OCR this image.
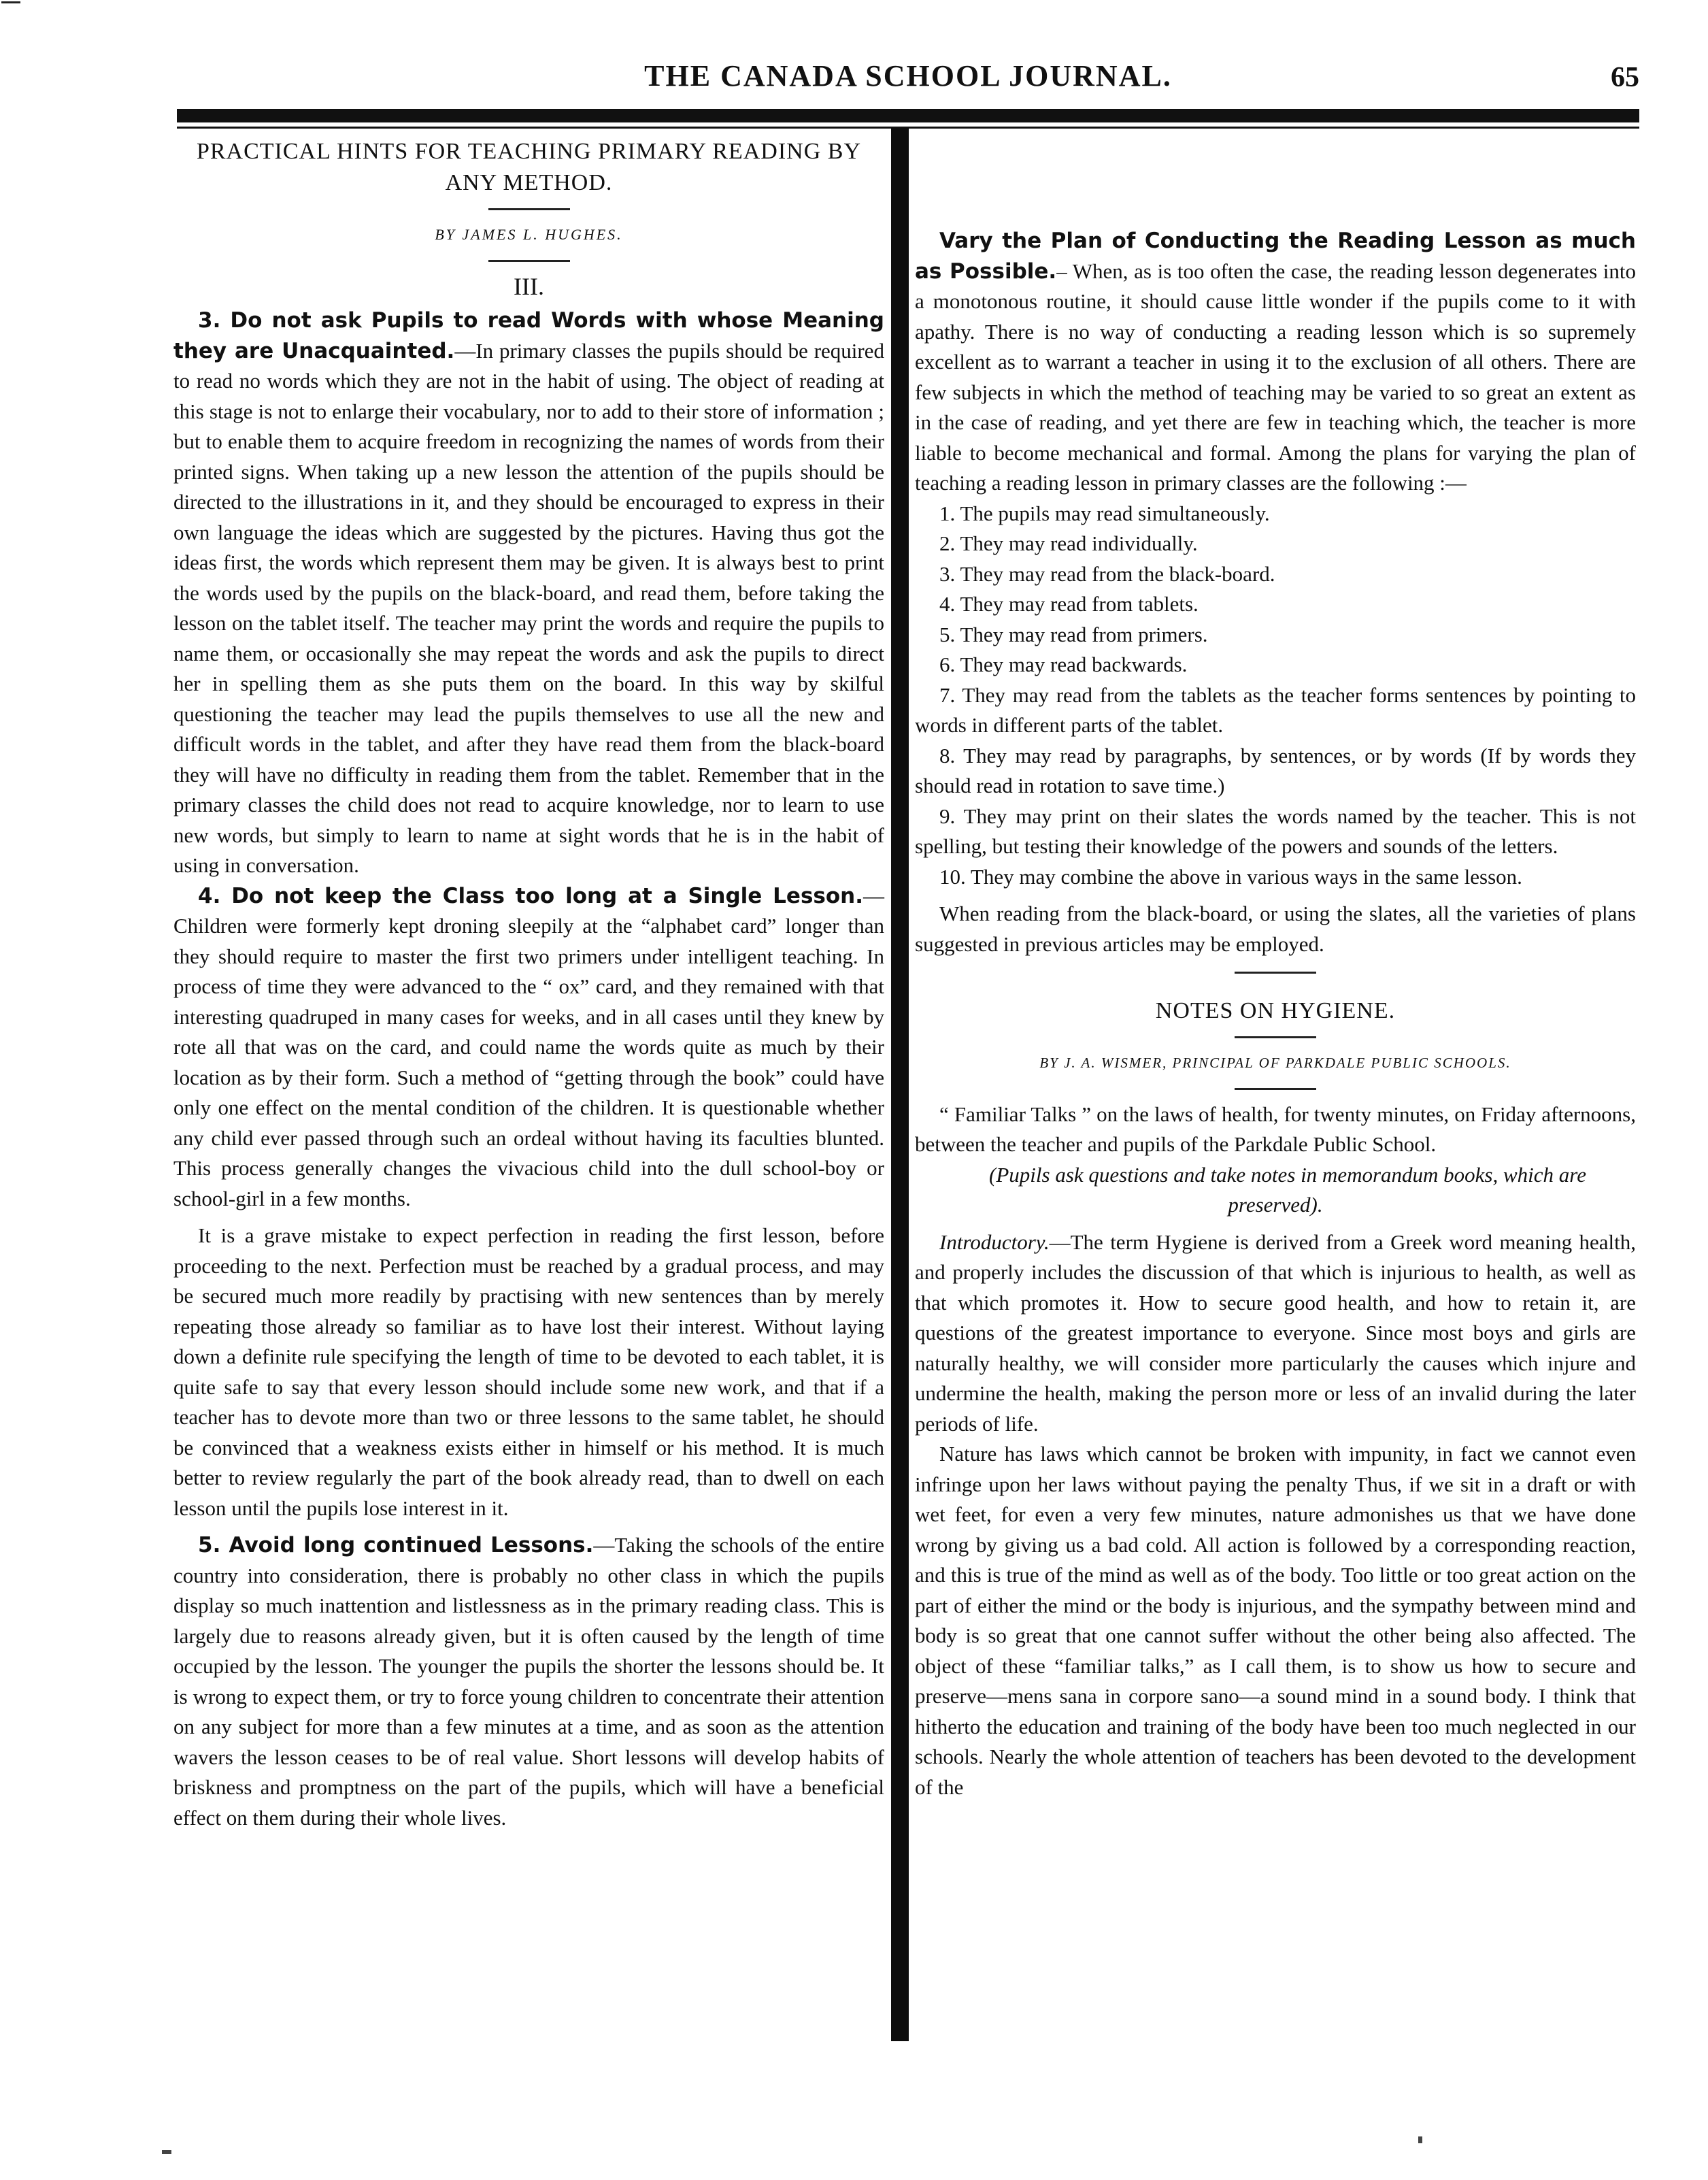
THE CANADA SCHOOL JOURNAL.	65
PRACTICAL HINTS FOR TEACHING PRIMARY READING BY ANY METHOD.
BY JAMES L. HUGHES.
III.

3. Do not ask Pupils to read Words with whose Meaning they are Unacquainted.—In primary classes the pupils should be required to read no words which they are not in the habit of using. The object of reading at this stage is not to enlarge their vocabulary, nor to add to their store of information ; but to enable them to acquire freedom in recognizing the names of words from their printed signs. When taking up a new lesson the attention of the pupils should be directed to the illustrations in it, and they should be encouraged to express in their own language the ideas which are suggested by the pictures. Having thus got the ideas first, the words which represent them may be given. It is always best to print the words used by the pupils on the black-board, and read them, before taking the lesson on the tablet itself. The teacher may print the words and require the pupils to name them, or occasionally she may repeat the words and ask the pupils to direct her in spelling them as she puts them on the board. In this way by skilful questioning the teacher may lead the pupils themselves to use all the new and difficult words in the tablet, and after they have read them from the black-board they will have no difficulty in reading them from the tablet. Remember that in the primary classes the child does not read to acquire knowledge, nor to learn to use new words, but simply to learn to name at sight words that he is in the habit of using in conversation.

4. Do not keep the Class too long at a Single Lesson.—Children were formerly kept droning sleepily at the “alphabet card” longer than they should require to master the first two primers under intelligent teaching. In process of time they were advanced to the “ ox” card, and they remained with that interesting quadruped in many cases for weeks, and in all cases until they knew by rote all that was on the card, and could name the words quite as much by their location as by their form. Such a method of “getting through the book” could have only one effect on the mental condition of the children. It is questionable whether any child ever passed through such an ordeal without having its faculties blunted. This process generally changes the vivacious child into the dull school-boy or school-girl in a few months.

It is a grave mistake to expect perfection in reading the first lesson, before proceeding to the next. Perfection must be reached by a gradual process, and may be secured much more readily by practising with new sentences than by merely repeating those already so familiar as to have lost their interest. Without laying down a definite rule specifying the length of time to be devoted to each tablet, it is quite safe to say that every lesson should include some new work, and that if a teacher has to devote more than two or three lessons to the same tablet, he should be convinced that a weakness exists either in himself or his method. It is much better to review regularly the part of the book already read, than to dwell on each lesson until the pupils lose interest in it.

5. Avoid long continued Lessons.—Taking the schools of the entire country into consideration, there is probably no other class in which the pupils display so much inattention and listlessness as in the primary reading class. This is largely due to reasons already given, but it is often caused by the length of time occupied by the lesson. The younger the pupils the shorter the lessons should be. It is wrong to expect them, or try to force young children to concentrate their attention on any subject for more than a few minutes at a time, and as soon as the attention wavers the lesson ceases to be of real value. Short lessons will develop habits of briskness and promptness on the part of the pupils, which will have a beneficial effect on them during their whole lives.

Vary the Plan of Conducting the Reading Lesson as much as Possible.– When, as is too often the case, the reading lesson degenerates into a monotonous routine, it should cause little wonder if the pupils come to it with apathy. There is no way of conducting a reading lesson which is so supremely excellent as to warrant a teacher in using it to the exclusion of all others. There are few subjects in which the method of teaching may be varied to so great an extent as in the case of reading, and yet there are few in teaching which, the teacher is more liable to become mechanical and formal. Among the plans for varying the plan of teaching a reading lesson in primary classes are the following :—

1. The pupils may read simultaneously.
2. They may read individually.
3. They may read from the black-board.
4. They may read from tablets.
5. They may read from primers.
6. They may read backwards.
7. They may read from the tablets as the teacher forms sentences by pointing to words in different parts of the tablet.
8. They may read by paragraphs, by sentences, or by words (If by words they should read in rotation to save time.)
9. They may print on their slates the words named by the teacher. This is not spelling, but testing their knowledge of the powers and sounds of the letters.
10. They may combine the above in various ways in the same lesson.

When reading from the black-board, or using the slates, all the varieties of plans suggested in previous articles may be employed.

NOTES ON HYGIENE.
BY J. A. WISMER, PRINCIPAL OF PARKDALE PUBLIC SCHOOLS.

“ Familiar Talks ” on the laws of health, for twenty minutes, on Friday afternoons, between the teacher and pupils of the Parkdale Public School.

(Pupils ask questions and take notes in memorandum books, which are preserved).

Introductory.—The term Hygiene is derived from a Greek word meaning health, and properly includes the discussion of that which is injurious to health, as well as that which promotes it. How to secure good health, and how to retain it, are questions of the greatest importance to everyone. Since most boys and girls are naturally healthy, we will consider more particularly the causes which injure and undermine the health, making the person more or less of an invalid during the later periods of life.

Nature has laws which cannot be broken with impunity, in fact we cannot even infringe upon her laws without paying the penalty Thus, if we sit in a draft or with wet feet, for even a very few minutes, nature admonishes us that we have done wrong by giving us a bad cold. All action is followed by a corresponding reaction, and this is true of the mind as well as of the body. Too little or too great action on the part of either the mind or the body is injurious, and the sympathy between mind and body is so great that one cannot suffer without the other being also affected. The object of these “familiar talks,” as I call them, is to show us how to secure and preserve—mens sana in corpore sano—a sound mind in a sound body. I think that hitherto the education and training of the body have been too much neglected in our schools. Nearly the whole attention of teachers has been devoted to the development of the
